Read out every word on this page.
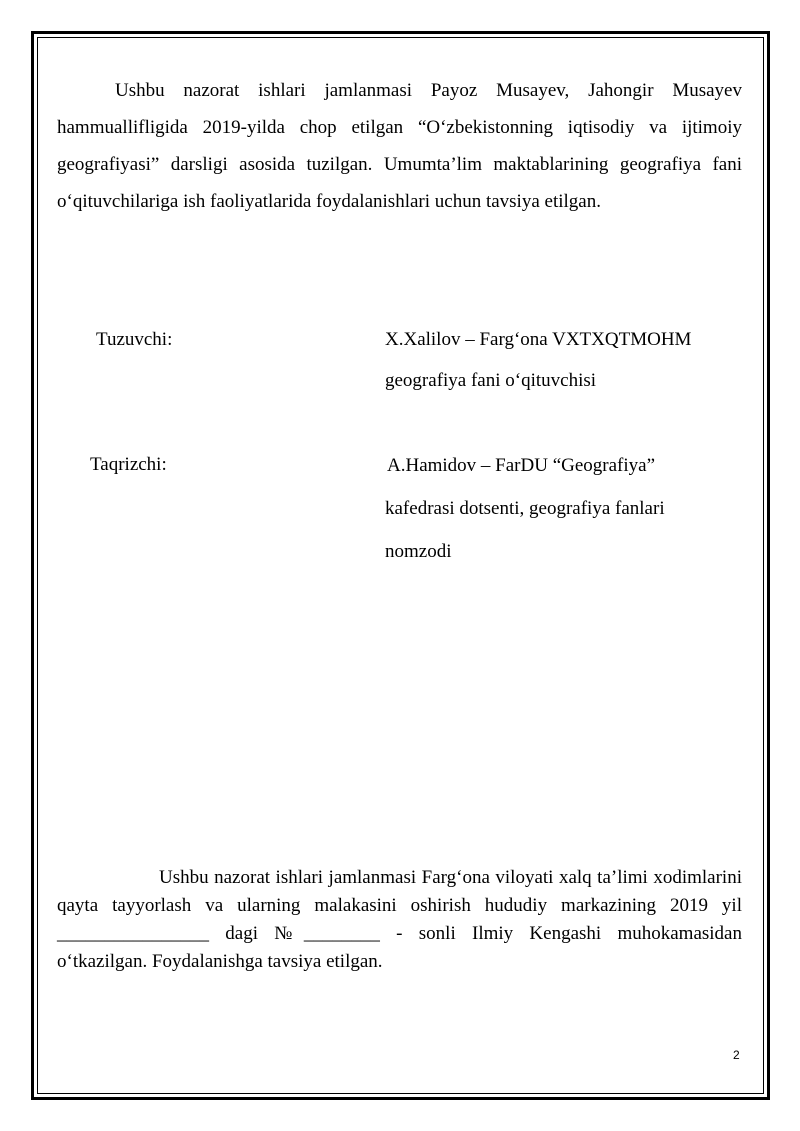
Ushbu nazorat ishlari jamlanmasi Payoz Musayev, Jahongir Musayev hammuallifligida 2019-yilda chop etilgan “O‘zbekistonning iqtisodiy va ijtimoiy geografiyasi” darsligi asosida tuzilgan. Umumta’lim maktablarining geografiya fani o‘qituvchilariga ish faoliyatlarida foydalanishlari uchun tavsiya etilgan.

Tuzuvchi:	X.Xalilov – Farg‘ona VXTXQTMOHM
geografiya fani o‘qituvchisi

Taqrizchi:	A.Hamidov – FarDU “Geografiya”
kafedrasi dotsenti, geografiya fanlari
nomzodi

Ushbu nazorat ishlari jamlanmasi Farg‘ona viloyati xalq ta’limi xodimlarini qayta tayyorlash va ularning malakasini oshirish hududiy markazining 2019 yil ________________ dagi №________ - sonli Ilmiy Kengashi muhokamasidan o‘tkazilgan. Foydalanishga tavsiya etilgan.

2
